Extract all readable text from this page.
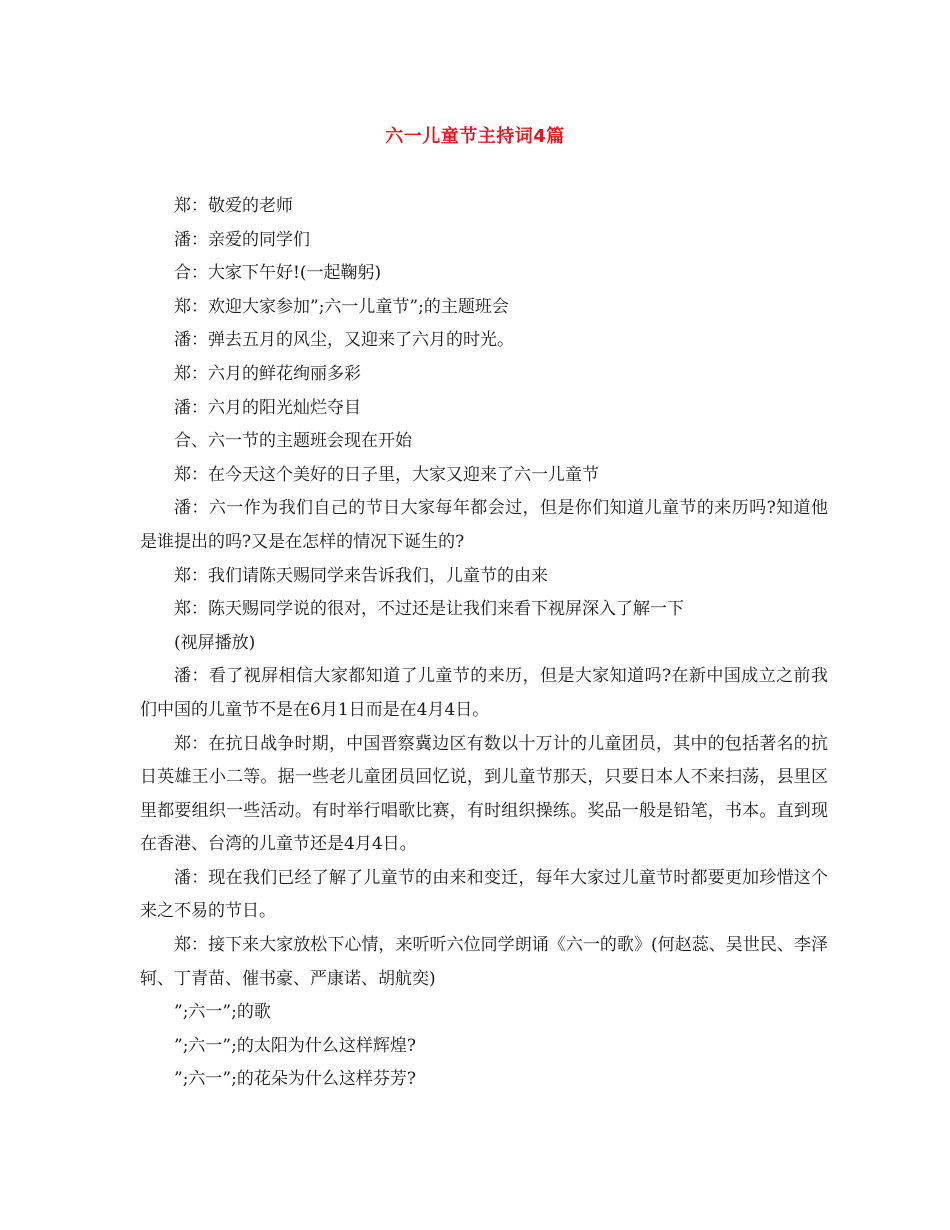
六一儿童节主持词4篇

郑：敬爱的老师

潘：亲爱的同学们

合：大家下午好!(一起鞠躬)

郑：欢迎大家参加”;六一儿童节”;的主题班会

潘：弹去五月的风尘，又迎来了六月的时光。

郑：六月的鲜花绚丽多彩

潘：六月的阳光灿烂夺目

合、六一节的主题班会现在开始

郑：在今天这个美好的日子里，大家又迎来了六一儿童节

潘：六一作为我们自己的节日大家每年都会过，但是你们知道儿童节的来历吗?知道他是谁提出的吗?又是在怎样的情况下诞生的?

郑：我们请陈天赐同学来告诉我们，儿童节的由来

郑：陈天赐同学说的很对，不过还是让我们来看下视屏深入了解一下

(视屏播放)

潘：看了视屏相信大家都知道了儿童节的来历，但是大家知道吗?在新中国成立之前我们中国的儿童节不是在6月1日而是在4月4日。

郑：在抗日战争时期，中国晋察冀边区有数以十万计的儿童团员，其中的包括著名的抗日英雄王小二等。据一些老儿童团员回忆说，到儿童节那天，只要日本人不来扫荡，县里区里都要组织一些活动。有时举行唱歌比赛，有时组织操练。奖品一般是铅笔，书本。直到现在香港、台湾的儿童节还是4月4日。

潘：现在我们已经了解了儿童节的由来和变迁，每年大家过儿童节时都要更加珍惜这个来之不易的节日。

郑：接下来大家放松下心情，来听听六位同学朗诵《六一的歌》(何赵蕊、吴世民、李泽轲、丁青苗、催书豪、严康诺、胡航奕)

”;六一”;的歌

”;六一”;的太阳为什么这样辉煌?

”;六一”;的花朵为什么这样芬芳?
